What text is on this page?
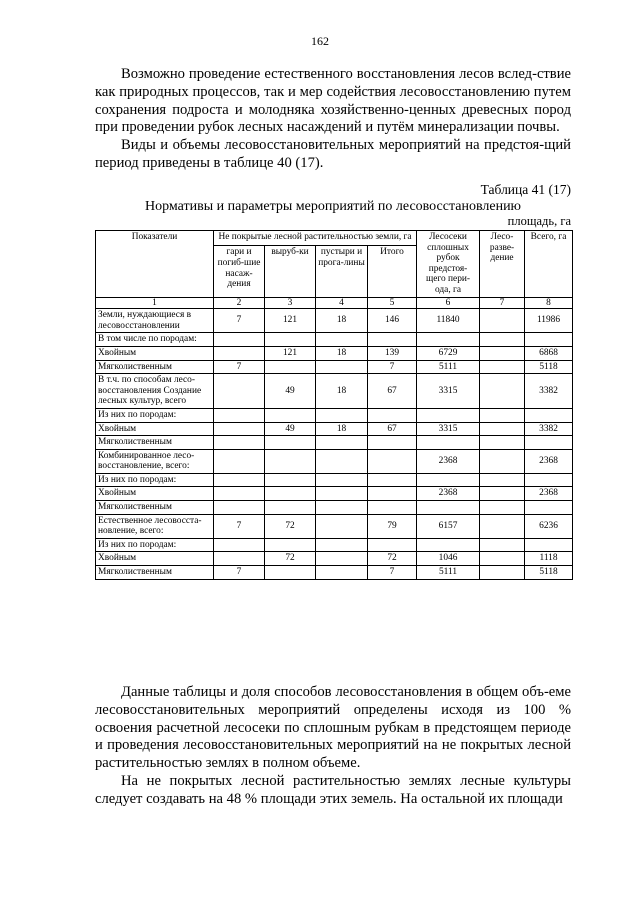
162

Возможно проведение естественного восстановления лесов вслед-ствие как природных процессов, так и мер содействия лесовосстановлению путем сохранения подроста и молодняка хозяйственно-ценных древесных пород при проведении рубок лесных насаждений и путём минерализации почвы.

Виды и объемы лесовосстановительных мероприятий на предстоя-щий период приведены в таблице 40 (17).

Таблица 41 (17)
Нормативы и параметры мероприятий по лесовосстановлению
площадь, га
Показатели	Не покрытые лесной растительностью земли, га				Лесосеки сплошных рубок предстоя-щего пери-ода, га	Лесо-разве-дение	Всего, га
	гари и погиб-шие насаж-дения	выруб-ки	пустыри и прога-лины	Итого			
1	2	3	4	5	6	7	8
Земли, нуждающиеся в лесовосстановлении	7	121	18	146	11840		11986
В том числе по породам:							
Хвойным		121	18	139	6729		6868
Мягколиственным	7			7	5111		5118
В т.ч. по способам лесо-восстановления Создание лесных культур, всего		49	18	67	3315		3382
Из них по породам:							
Хвойным		49	18	67	3315		3382
Мягколиственным							
Комбинированное лесо-восстановление, всего:					2368		2368
Из них по породам:							
Хвойным					2368		2368
Мягколиственным							
Естественное лесовосста-новление, всего:	7	72		79	6157		6236
Из них по породам:							
Хвойным		72		72	1046		1118
Мягколиственным	7			7	5111		5118

Данные таблицы и доля способов лесовосстановления в общем объ-еме лесовосстановительных мероприятий определены исходя из 100 % освоения расчетной лесосеки по сплошным рубкам в предстоящем периоде и проведения лесовосстановительных мероприятий на не покрытых лесной растительностью землях в полном объеме.

На не покрытых лесной растительностью землях лесные культуры следует создавать на 48 % площади этих земель. На остальной их площади
